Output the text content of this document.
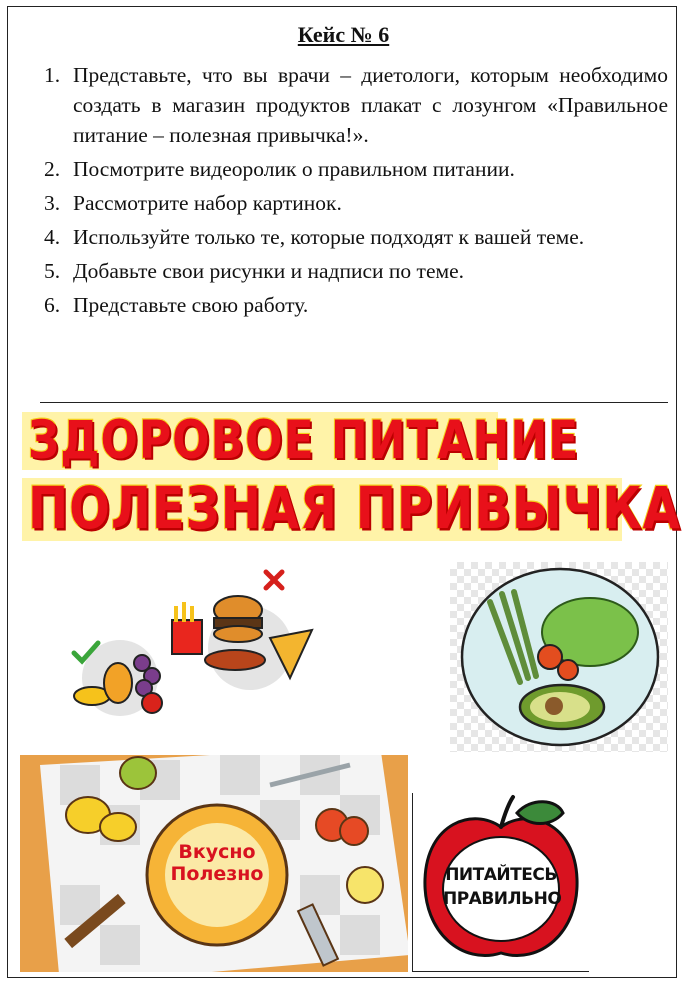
Кейс № 6
1. Представьте, что вы врачи – диетологи, которым необходимо создать в магазин продуктов плакат с лозунгом «Правильное питание – полезная привычка!».
2. Посмотрите видеоролик о правильном питании.
3. Рассмотрите набор картинок.
4. Используйте только те, которые подходят к вашей теме.
5. Добавьте свои рисунки и надписи по теме.
6. Представьте свою работу.
ЗДОРОВОЕ ПИТАНИЕ
ПОЛЕЗНАЯ ПРИВЫЧКА
Вкусно
Полезно	ПИТАЙТЕСЬ
ПРАВИЛЬНО
